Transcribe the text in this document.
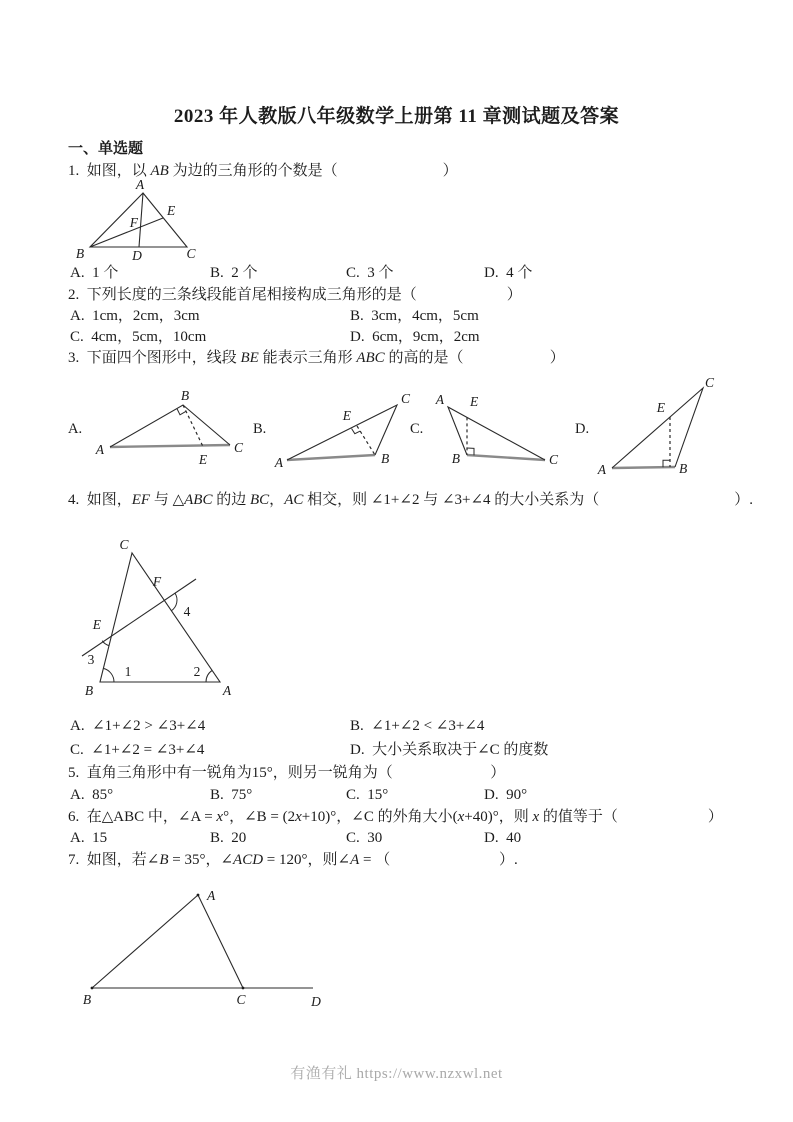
2023 年人教版八年级数学上册第 11 章测试题及答案
一、单选题
1.  如图，以 AB 为边的三角形的个数是（                            ）
A.  1 个	B.  2 个	C.  3 个	D.  4 个
2.  下列长度的三条线段能首尾相接构成三角形的是（                        ）
A.  1cm，2cm，3cm	B.  3cm，4cm，5cm
C.  4cm，5cm，10cm	D.  6cm，9cm，2cm
3.  下面四个图形中，线段 BE 能表示三角形 ABC 的高的是（                       ）
4.  如图，EF 与 △ABC 的边 BC，AC 相交，则 ∠1+∠2 与 ∠3+∠4 的大小关系为（                                    ）.
A.  ∠1+∠2 > ∠3+∠4	B.  ∠1+∠2 < ∠3+∠4
C.  ∠1+∠2 = ∠3+∠4	D.  大小关系取决于∠C 的度数
5.  直角三角形中有一锐角为15°，则另一锐角为（                          ）
A.  85°	B.  75°	C.  15°	D.  90°
6.  在△ABC 中，∠A = x°，∠B = (2x+10)°，∠C 的外角大小(x+40)°，则 x 的值等于（                        ）
A.  15	B.  20	C.  30	D.  40
7.  如图，若∠B = 35°，∠ACD = 120°，则∠A = （                             ）.
有渔有礼 https://www.nzxwl.net
A
B	C
D
E
F
A.
A
B
C
E
B.
A	B
C
E
C.
A
B	C
E
D.
A	B
C
E
C
F
E
B	A
1	2
3
4
A
B	C	D
